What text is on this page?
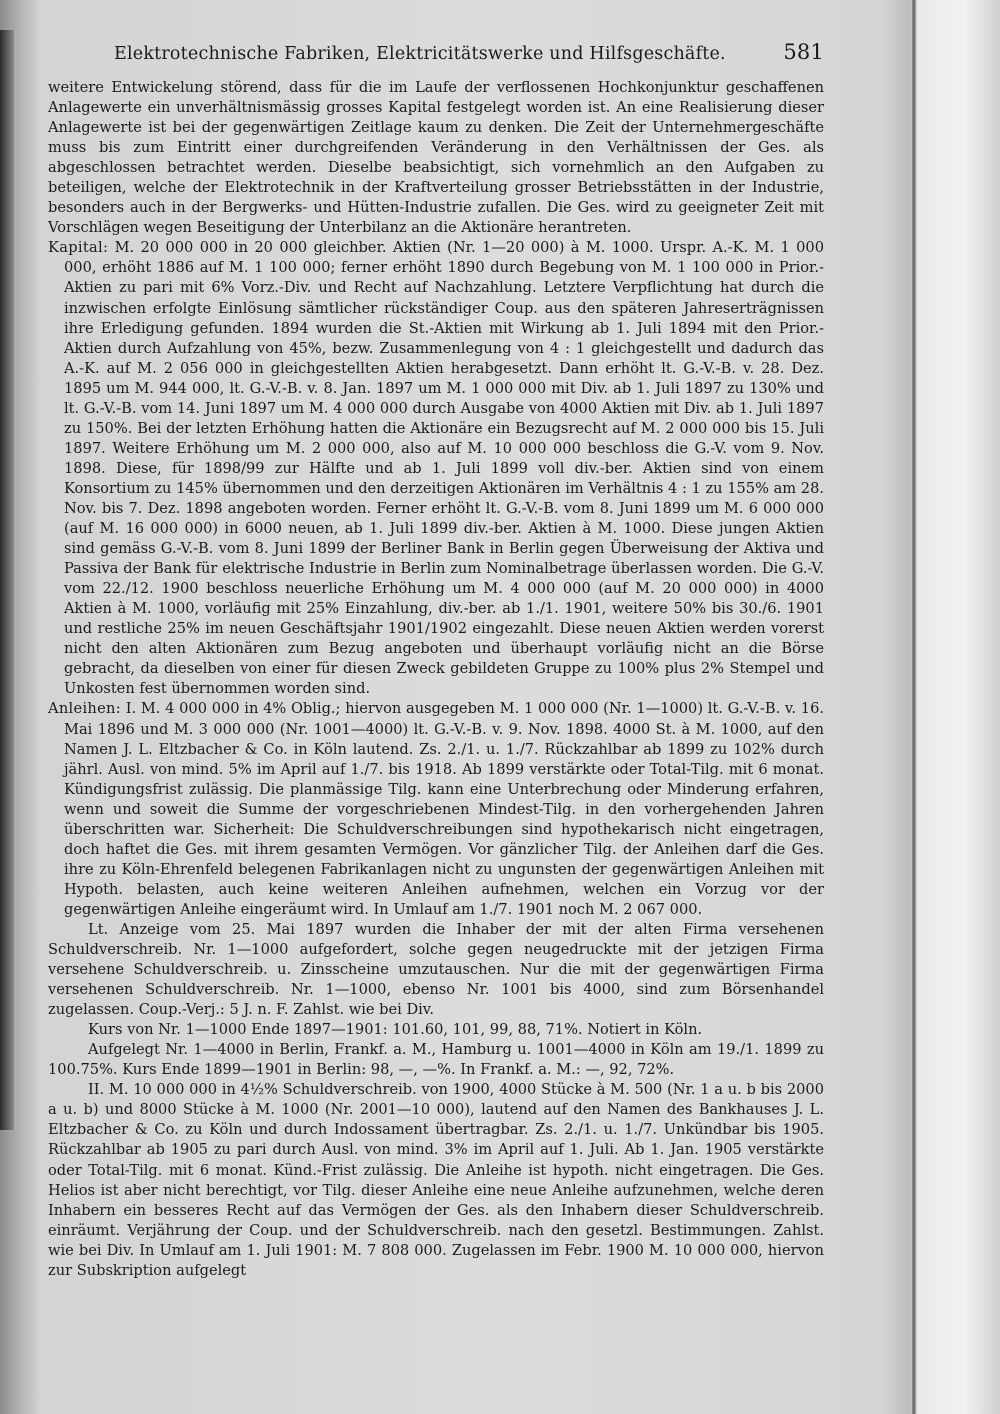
Elektrotechnische Fabriken, Elektricitätswerke und Hilfsgeschäfte.	581

weitere Entwickelung störend, dass für die im Laufe der verflossenen Hochkonjunktur geschaffenen Anlagewerte ein unverhältnismässig grosses Kapital festgelegt worden ist. An eine Realisierung dieser Anlagewerte ist bei der gegenwärtigen Zeitlage kaum zu denken. Die Zeit der Unternehmergeschäfte muss bis zum Eintritt einer durchgreifenden Veränderung in den Verhältnissen der Ges. als abgeschlossen betrachtet werden. Dieselbe beabsichtigt, sich vornehmlich an den Aufgaben zu beteiligen, welche der Elektrotechnik in der Kraftverteilung grosser Betriebsstätten in der Industrie, besonders auch in der Bergwerks- und Hütten-Industrie zufallen. Die Ges. wird zu geeigneter Zeit mit Vorschlägen wegen Beseitigung der Unterbilanz an die Aktionäre herantreten.

Kapital: M. 20 000 000 in 20 000 gleichber. Aktien (Nr. 1—20 000) à M. 1000. Urspr. A.-K. M. 1 000 000, erhöht 1886 auf M. 1 100 000; ferner erhöht 1890 durch Begebung von M. 1 100 000 in Prior.-Aktien zu pari mit 6% Vorz.-Div. und Recht auf Nachzahlung. Letztere Verpflichtung hat durch die inzwischen erfolgte Einlösung sämtlicher rückständiger Coup. aus den späteren Jahreserträgnissen ihre Erledigung gefunden. 1894 wurden die St.-Aktien mit Wirkung ab 1. Juli 1894 mit den Prior.-Aktien durch Aufzahlung von 45%, bezw. Zusammenlegung von 4 : 1 gleichgestellt und dadurch das A.-K. auf M. 2 056 000 in gleichgestellten Aktien herabgesetzt. Dann erhöht lt. G.-V.-B. v. 28. Dez. 1895 um M. 944 000, lt. G.-V.-B. v. 8. Jan. 1897 um M. 1 000 000 mit Div. ab 1. Juli 1897 zu 130% und lt. G.-V.-B. vom 14. Juni 1897 um M. 4 000 000 durch Ausgabe von 4000 Aktien mit Div. ab 1. Juli 1897 zu 150%. Bei der letzten Erhöhung hatten die Aktionäre ein Bezugsrecht auf M. 2 000 000 bis 15. Juli 1897. Weitere Erhöhung um M. 2 000 000, also auf M. 10 000 000 beschloss die G.-V. vom 9. Nov. 1898. Diese, für 1898/99 zur Hälfte und ab 1. Juli 1899 voll div.-ber. Aktien sind von einem Konsortium zu 145% übernommen und den derzeitigen Aktionären im Verhältnis 4 : 1 zu 155% am 28. Nov. bis 7. Dez. 1898 angeboten worden. Ferner erhöht lt. G.-V.-B. vom 8. Juni 1899 um M. 6 000 000 (auf M. 16 000 000) in 6000 neuen, ab 1. Juli 1899 div.-ber. Aktien à M. 1000. Diese jungen Aktien sind gemäss G.-V.-B. vom 8. Juni 1899 der Berliner Bank in Berlin gegen Überweisung der Aktiva und Passiva der Bank für elektrische Industrie in Berlin zum Nominalbetrage überlassen worden. Die G.-V. vom 22./12. 1900 beschloss neuerliche Erhöhung um M. 4 000 000 (auf M. 20 000 000) in 4000 Aktien à M. 1000, vorläufig mit 25% Einzahlung, div.-ber. ab 1./1. 1901, weitere 50% bis 30./6. 1901 und restliche 25% im neuen Geschäftsjahr 1901/1902 eingezahlt. Diese neuen Aktien werden vorerst nicht den alten Aktionären zum Bezug angeboten und überhaupt vorläufig nicht an die Börse gebracht, da dieselben von einer für diesen Zweck gebildeten Gruppe zu 100% plus 2% Stempel und Unkosten fest übernommen worden sind.

Anleihen: I. M. 4 000 000 in 4% Oblig.; hiervon ausgegeben M. 1 000 000 (Nr. 1—1000) lt. G.-V.-B. v. 16. Mai 1896 und M. 3 000 000 (Nr. 1001—4000) lt. G.-V.-B. v. 9. Nov. 1898. 4000 St. à M. 1000, auf den Namen J. L. Eltzbacher & Co. in Köln lautend. Zs. 2./1. u. 1./7. Rückzahlbar ab 1899 zu 102% durch jährl. Ausl. von mind. 5% im April auf 1./7. bis 1918. Ab 1899 verstärkte oder Total-Tilg. mit 6 monat. Kündigungsfrist zulässig. Die planmässige Tilg. kann eine Unterbrechung oder Minderung erfahren, wenn und soweit die Summe der vorgeschriebenen Mindest-Tilg. in den vorhergehenden Jahren überschritten war. Sicherheit: Die Schuldverschreibungen sind hypothekarisch nicht eingetragen, doch haftet die Ges. mit ihrem gesamten Vermögen. Vor gänzlicher Tilg. der Anleihen darf die Ges. ihre zu Köln-Ehrenfeld belegenen Fabrikanlagen nicht zu ungunsten der gegenwärtigen Anleihen mit Hypoth. belasten, auch keine weiteren Anleihen aufnehmen, welchen ein Vorzug vor der gegenwärtigen Anleihe eingeräumt wird. In Umlauf am 1./7. 1901 noch M. 2 067 000.

Lt. Anzeige vom 25. Mai 1897 wurden die Inhaber der mit der alten Firma versehenen Schuldverschreib. Nr. 1—1000 aufgefordert, solche gegen neugedruckte mit der jetzigen Firma versehene Schuldverschreib. u. Zinsscheine umzutauschen. Nur die mit der gegenwärtigen Firma versehenen Schuldverschreib. Nr. 1—1000, ebenso Nr. 1001 bis 4000, sind zum Börsenhandel zugelassen. Coup.-Verj.: 5 J. n. F. Zahlst. wie bei Div.

Kurs von Nr. 1—1000 Ende 1897—1901: 101.60, 101, 99, 88, 71%. Notiert in Köln.

Aufgelegt Nr. 1—4000 in Berlin, Frankf. a. M., Hamburg u. 1001—4000 in Köln am 19./1. 1899 zu 100.75%. Kurs Ende 1899—1901 in Berlin: 98, —, —%. In Frankf. a. M.: —, 92, 72%.

II. M. 10 000 000 in 4½% Schuldverschreib. von 1900, 4000 Stücke à M. 500 (Nr. 1 a u. b bis 2000 a u. b) und 8000 Stücke à M. 1000 (Nr. 2001—10 000), lautend auf den Namen des Bankhauses J. L. Eltzbacher & Co. zu Köln und durch Indossament übertragbar. Zs. 2./1. u. 1./7. Unkündbar bis 1905. Rückzahlbar ab 1905 zu pari durch Ausl. von mind. 3% im April auf 1. Juli. Ab 1. Jan. 1905 verstärkte oder Total-Tilg. mit 6 monat. Künd.-Frist zulässig. Die Anleihe ist hypoth. nicht eingetragen. Die Ges. Helios ist aber nicht berechtigt, vor Tilg. dieser Anleihe eine neue Anleihe aufzunehmen, welche deren Inhabern ein besseres Recht auf das Vermögen der Ges. als den Inhabern dieser Schuldverschreib. einräumt. Verjährung der Coup. und der Schuldverschreib. nach den gesetzl. Bestimmungen. Zahlst. wie bei Div. In Umlauf am 1. Juli 1901: M. 7 808 000. Zugelassen im Febr. 1900 M. 10 000 000, hiervon zur Subskription aufgelegt
